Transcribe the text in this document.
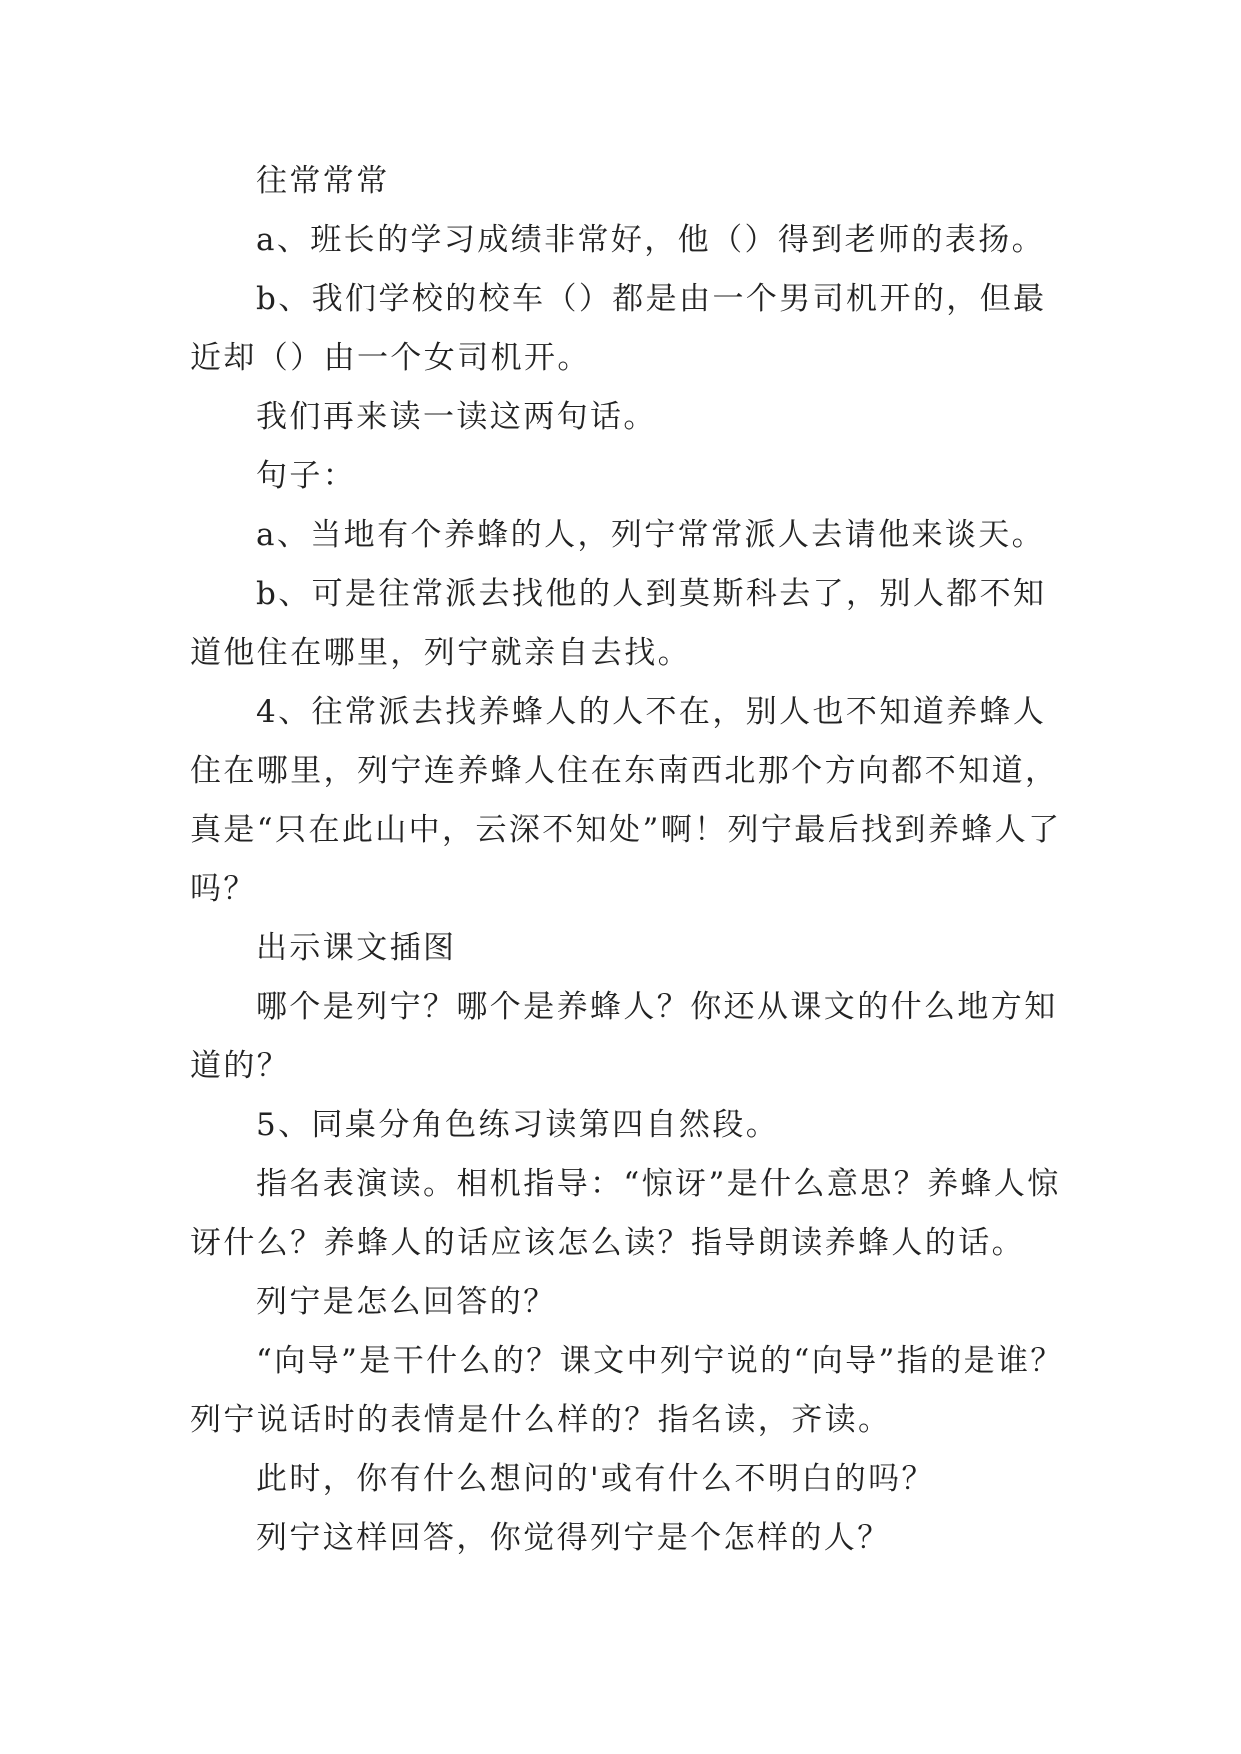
往常常常

a、班长的学习成绩非常好，他（）得到老师的表扬。

b、我们学校的校车（）都是由一个男司机开的，但最近却（）由一个女司机开。

我们再来读一读这两句话。

句子：

a、当地有个养蜂的人，列宁常常派人去请他来谈天。

b、可是往常派去找他的人到莫斯科去了，别人都不知道他住在哪里，列宁就亲自去找。

4、往常派去找养蜂人的人不在，别人也不知道养蜂人住在哪里，列宁连养蜂人住在东南西北那个方向都不知道，真是“只在此山中，云深不知处”啊！列宁最后找到养蜂人了吗？

出示课文插图

哪个是列宁？哪个是养蜂人？你还从课文的什么地方知道的？

5、同桌分角色练习读第四自然段。

指名表演读。相机指导：“惊讶”是什么意思？养蜂人惊讶什么？养蜂人的话应该怎么读？指导朗读养蜂人的话。

列宁是怎么回答的？

“向导”是干什么的？课文中列宁说的“向导”指的是谁？列宁说话时的表情是什么样的？指名读，齐读。

此时，你有什么想问的'或有什么不明白的吗？

列宁这样回答，你觉得列宁是个怎样的人？
